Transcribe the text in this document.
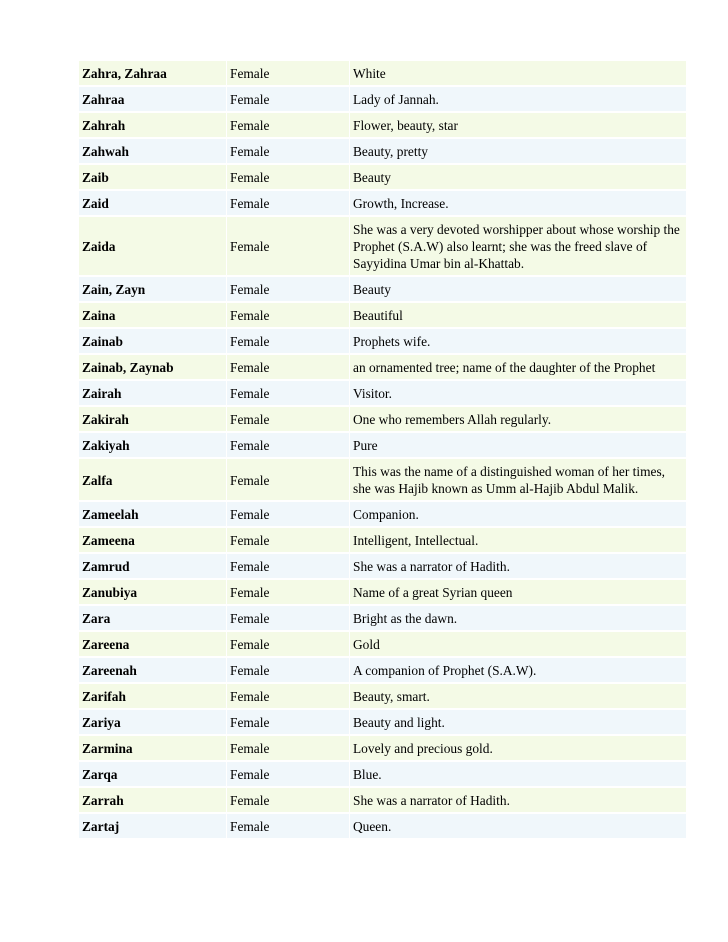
Zahra, Zahraa		Female		White
Zahraa		Female		Lady of Jannah.
Zahrah		Female		Flower, beauty, star
Zahwah		Female		Beauty, pretty
Zaib		Female		Beauty
Zaid		Female		Growth, Increase.
Zaida		Female		She was a very devoted worshipper about whose worship the Prophet (S.A.W) also learnt; she was the freed slave of Sayyidina Umar bin al-Khattab.
Zain, Zayn		Female		Beauty
Zaina		Female		Beautiful
Zainab		Female		Prophets wife.
Zainab, Zaynab		Female		an ornamented tree; name of the daughter of the Prophet
Zairah		Female		Visitor.
Zakirah		Female		One who remembers Allah regularly.
Zakiyah		Female		Pure
Zalfa		Female		This was the name of a distinguished woman of her times, she was Hajib known as Umm al-Hajib Abdul Malik.
Zameelah		Female		Companion.
Zameena		Female		Intelligent, Intellectual.
Zamrud		Female		She was a narrator of Hadith.
Zanubiya		Female		Name of a great Syrian queen
Zara		Female		Bright as the dawn.
Zareena		Female		Gold
Zareenah		Female		A companion of Prophet (S.A.W).
Zarifah		Female		Beauty, smart.
Zariya		Female		Beauty and light.
Zarmina		Female		Lovely and precious gold.
Zarqa		Female		Blue.
Zarrah		Female		She was a narrator of Hadith.
Zartaj		Female		Queen.
